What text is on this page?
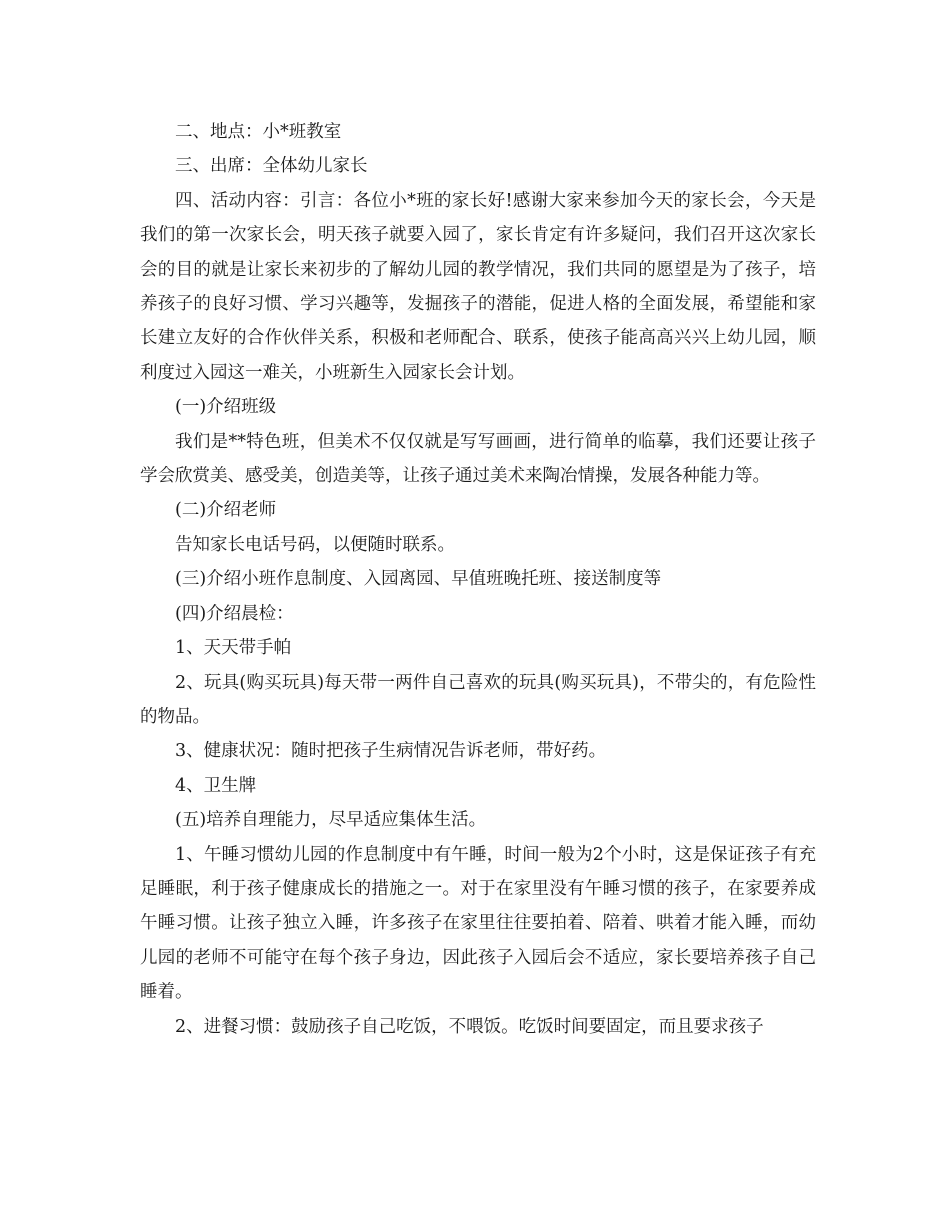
二、地点：小*班教室

三、出席：全体幼儿家长

四、活动内容：引言：各位小*班的家长好!感谢大家来参加今天的家长会，今天是我们的第一次家长会，明天孩子就要入园了，家长肯定有许多疑问，我们召开这次家长会的目的就是让家长来初步的了解幼儿园的教学情况，我们共同的愿望是为了孩子，培养孩子的良好习惯、学习兴趣等，发掘孩子的潜能，促进人格的全面发展，希望能和家长建立友好的合作伙伴关系，积极和老师配合、联系，使孩子能高高兴兴上幼儿园，顺利度过入园这一难关，小班新生入园家长会计划。

(一)介绍班级

我们是**特色班，但美术不仅仅就是写写画画，进行简单的临摹，我们还要让孩子学会欣赏美、感受美，创造美等，让孩子通过美术来陶冶情操，发展各种能力等。

(二)介绍老师

告知家长电话号码，以便随时联系。

(三)介绍小班作息制度、入园离园、早值班晚托班、接送制度等

(四)介绍晨检：

1、天天带手帕

2、玩具(购买玩具)每天带一两件自己喜欢的玩具(购买玩具)，不带尖的，有危险性的物品。

3、健康状况：随时把孩子生病情况告诉老师，带好药。

4、卫生牌

(五)培养自理能力，尽早适应集体生活。

1、午睡习惯幼儿园的作息制度中有午睡，时间一般为2个小时，这是保证孩子有充足睡眠，利于孩子健康成长的措施之一。对于在家里没有午睡习惯的孩子，在家要养成午睡习惯。让孩子独立入睡，许多孩子在家里往往要拍着、陪着、哄着才能入睡，而幼儿园的老师不可能守在每个孩子身边，因此孩子入园后会不适应，家长要培养孩子自己睡着。

2、进餐习惯：鼓励孩子自己吃饭，不喂饭。吃饭时间要固定，而且要求孩子
